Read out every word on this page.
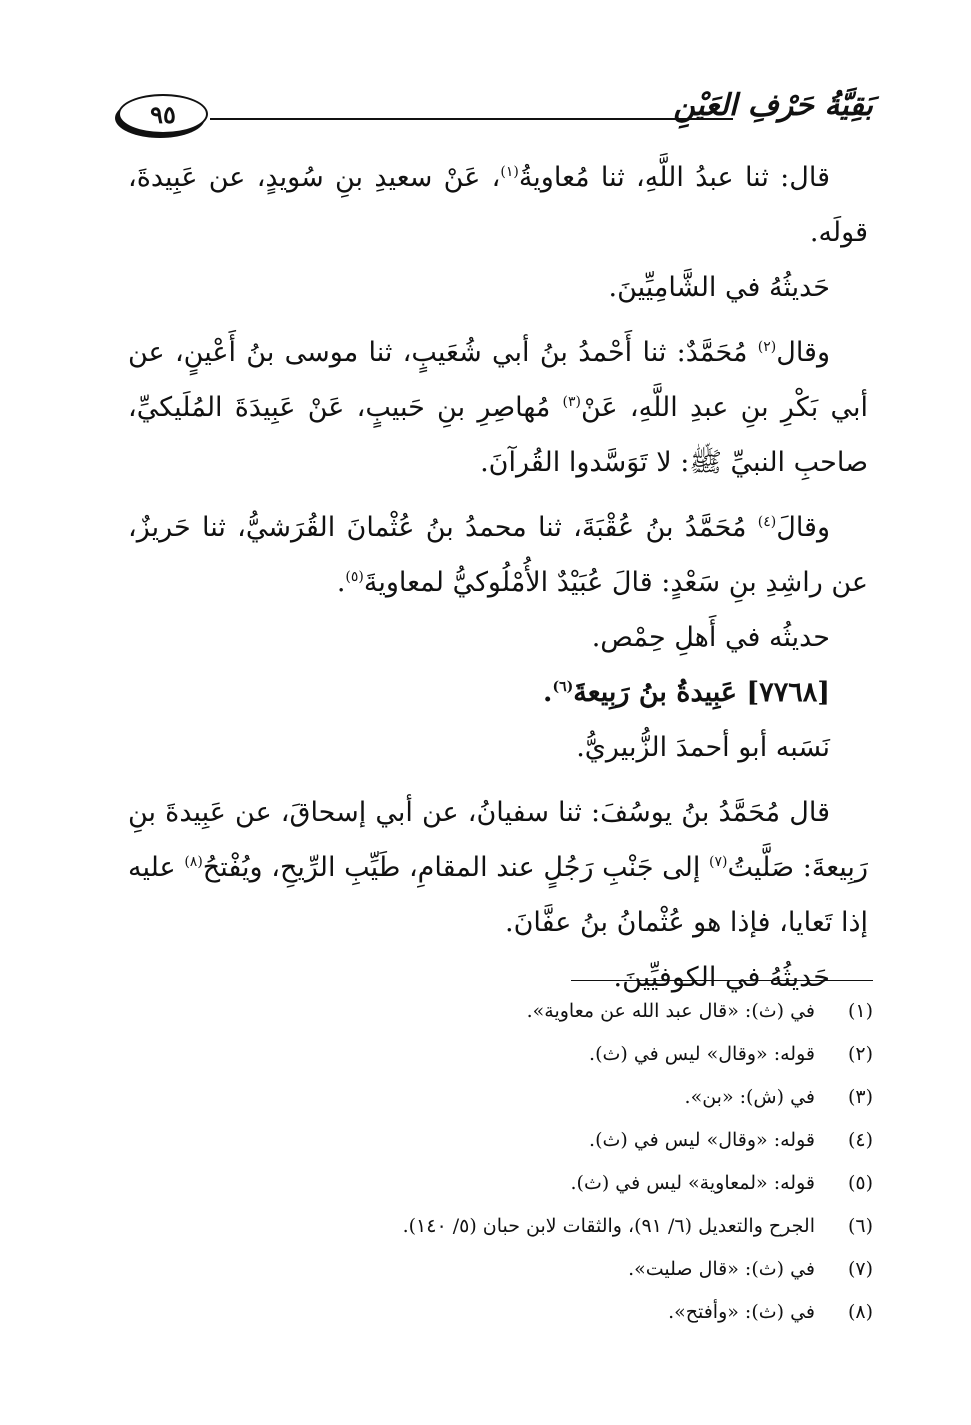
٩٥	بَقِيَّةُ حَرْفِ العَيْنِ

قال: ثنا عبدُ اللَّهِ، ثنا مُعاويةُ$^{(١)}$، عَنْ سعيدِ بنِ سُويدٍ، عن عَبِيدةَ، قولَه.

حَديثُهُ في الشَّامِيِّينَ.

وقال$^{(٢)}$ مُحَمَّدٌ: ثنا أَحْمدُ بنُ أبي شُعَيبٍ، ثنا موسى بنُ أَعْينٍ، عن أبي بَكْرِ بنِ عبدِ اللَّهِ، عَنْ$^{(٣)}$ مُهاصِرِ بنِ حَبيبٍ، عَنْ عَبِيدَةَ المُلَيكيِّ، صاحبِ النبيِّ ﷺ: لا تَوَسَّدوا القُرآنَ.

وقالَ$^{(٤)}$ مُحَمَّدُ بنُ عُقْبَةَ، ثنا محمدُ بنُ عُثْمانَ القُرَشيُّ، ثنا حَريزٌ، عن راشِدِ بنِ سَعْدٍ: قالَ عُبَيْدٌ الأُمْلُوكيُّ لمعاويةَ$^{(٥)}$.

حديثُه في أَهلِ حِمْص.

[٧٧٦٨] عَبِيدةُ بنُ رَبِيعةَ$^{(٦)}$.

نَسَبه أبو أحمدَ الزُّبيريُّ.

قال مُحَمَّدُ بنُ يوسُفَ: ثنا سفيانُ، عن أبي إسحاقَ، عن عَبِيدةَ بنِ رَبِيعةَ: صَلَّيتُ$^{(٧)}$ إلى جَنْبِ رَجُلٍ عند المقامِ، طَيِّبِ الرِّيحِ، ويُفْتحُ$^{(٨)}$ عليه إذا تَعايا، فإذا هو عُثْمانُ بنُ عفَّانَ.

حَديثُهُ في الكوفيِّينَ.

(١)
في (ث): «قال عبد الله عن معاوية».
(٢)
قوله: «وقال» ليس في (ث).
(٣)
في (ش): «بن».
(٤)
قوله: «وقال» ليس في (ث).
(٥)
قوله: «لمعاوية» ليس في (ث).
(٦)
الجرح والتعديل (٦/ ٩١)، والثقات لابن حبان (٥/ ١٤٠).
(٧)
في (ث): «قال صليت».
(٨)
في (ث): «وأفتح».
